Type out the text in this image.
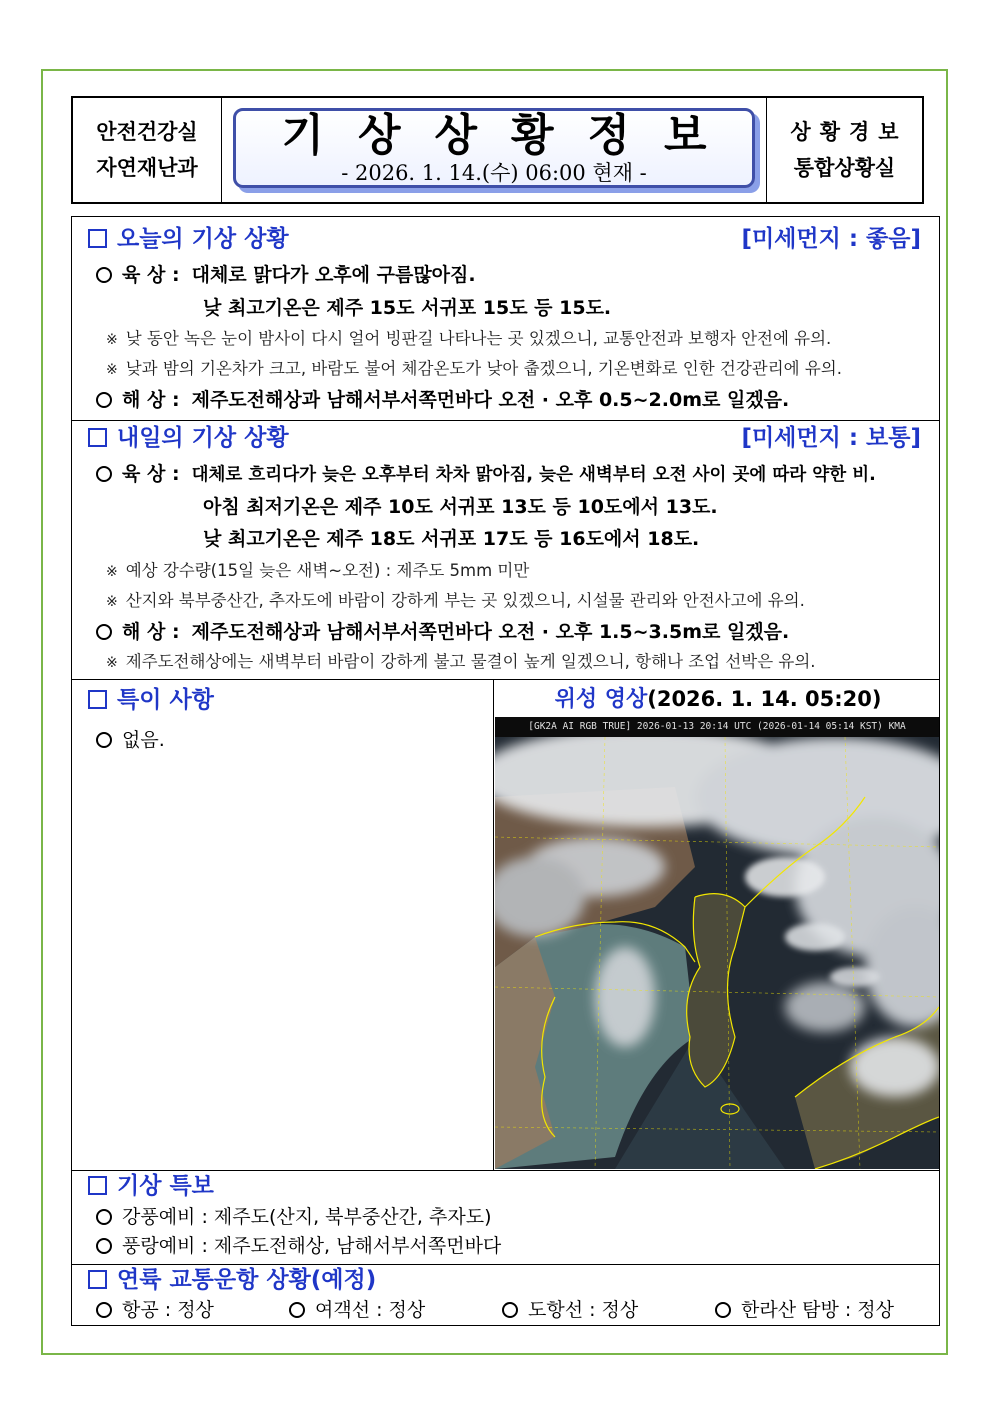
안전건강실
자연재난과
기상상황정보
- 2026. 1. 14.(수) 06:00 현재 -
상황경보
통합상황실
오늘의 기상 상황	[미세먼지 : 좋음]
육 상 : 대체로 맑다가 오후에 구름많아짐.
낮 최고기온은 제주 15도 서귀포 15도 등 15도.
※ 낮 동안 녹은 눈이 밤사이 다시 얼어 빙판길 나타나는 곳 있겠으니, 교통안전과 보행자 안전에 유의.
※ 낮과 밤의 기온차가 크고, 바람도 불어 체감온도가 낮아 춥겠으니, 기온변화로 인한 건강관리에 유의.
해 상 : 제주도전해상과 남해서부서쪽먼바다 오전 · 오후 0.5~2.0m로 일겠음.
내일의 기상 상황	[미세먼지 : 보통]
육 상 : 대체로 흐리다가 늦은 오후부터 차차 맑아짐, 늦은 새벽부터 오전 사이 곳에 따라 약한 비.
아침 최저기온은 제주 10도 서귀포 13도 등 10도에서 13도.
낮 최고기온은 제주 18도 서귀포 17도 등 16도에서 18도.
※ 예상 강수량(15일 늦은 새벽~오전) : 제주도 5mm 미만
※ 산지와 북부중산간, 추자도에 바람이 강하게 부는 곳 있겠으니, 시설물 관리와 안전사고에 유의.
해 상 : 제주도전해상과 남해서부서쪽먼바다 오전 · 오후 1.5~3.5m로 일겠음.
※ 제주도전해상에는 새벽부터 바람이 강하게 불고 물결이 높게 일겠으니, 항해나 조업 선박은 유의.
특이 사항
없음.
위성 영상(2026. 1. 14. 05:20)
[GK2A AI RGB TRUE] 2026-01-13 20:14 UTC (2026-01-14 05:14 KST) KMA
기상 특보
강풍예비 : 제주도(산지, 북부중산간, 추자도)
풍랑예비 : 제주도전해상, 남해서부서쪽먼바다
연륙 교통운항 상황(예정)
항공 : 정상	여객선 : 정상	도항선 : 정상	한라산 탐방 : 정상
